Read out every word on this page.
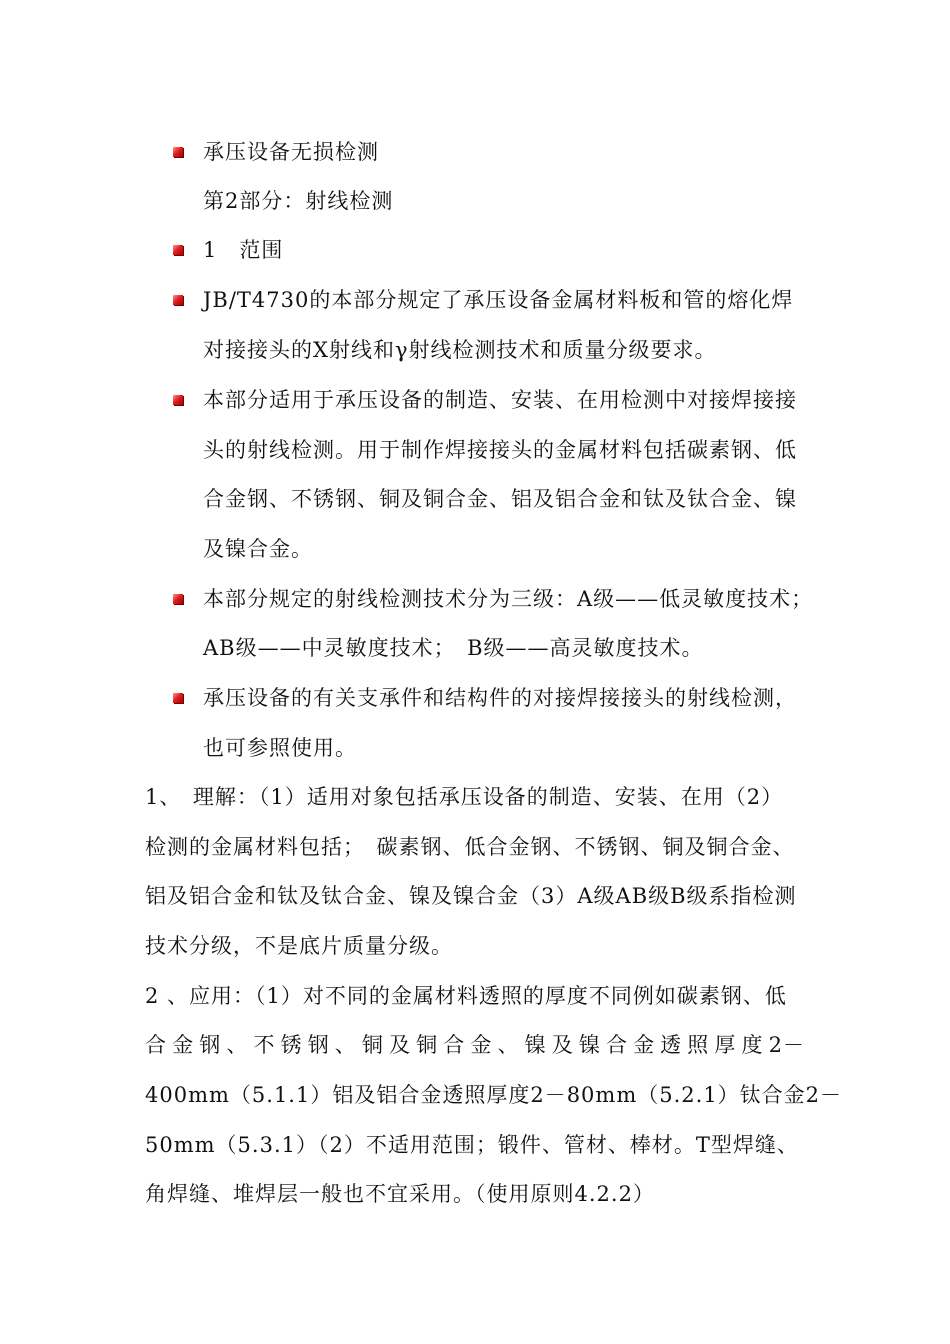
承压设备无损检测
第2部分：射线检测
1　范围
JB/T4730的本部分规定了承压设备金属材料板和管的熔化焊
对接接头的X射线和γ射线检测技术和质量分级要求。
本部分适用于承压设备的制造、安装、在用检测中对接焊接接
头的射线检测。用于制作焊接接头的金属材料包括碳素钢、低
合金钢、不锈钢、铜及铜合金、铝及铝合金和钛及钛合金、镍
及镍合金。
本部分规定的射线检测技术分为三级：A级——低灵敏度技术；
AB级——中灵敏度技术；　B级——高灵敏度技术。
承压设备的有关支承件和结构件的对接焊接接头的射线检测，
也可参照使用。
1、　理解：（1）适用对象包括承压设备的制造、安装、在用（2）
检测的金属材料包括；　碳素钢、低合金钢、不锈钢、铜及铜合金、
铝及铝合金和钛及钛合金、镍及镍合金（3）A级AB级B级系指检测
技术分级，不是底片质量分级。
2 、应用：（1）对不同的金属材料透照的厚度不同例如碳素钢、低
合金钢、不锈钢、铜及铜合金、镍及镍合金透照厚度2－
400mm（5.1.1）铝及铝合金透照厚度2－80mm（5.2.1）钛合金2－
50mm（5.3.1）（2）不适用范围；锻件、管材、棒材。T型焊缝、
角焊缝、堆焊层一般也不宜采用。（使用原则4.2.2）
